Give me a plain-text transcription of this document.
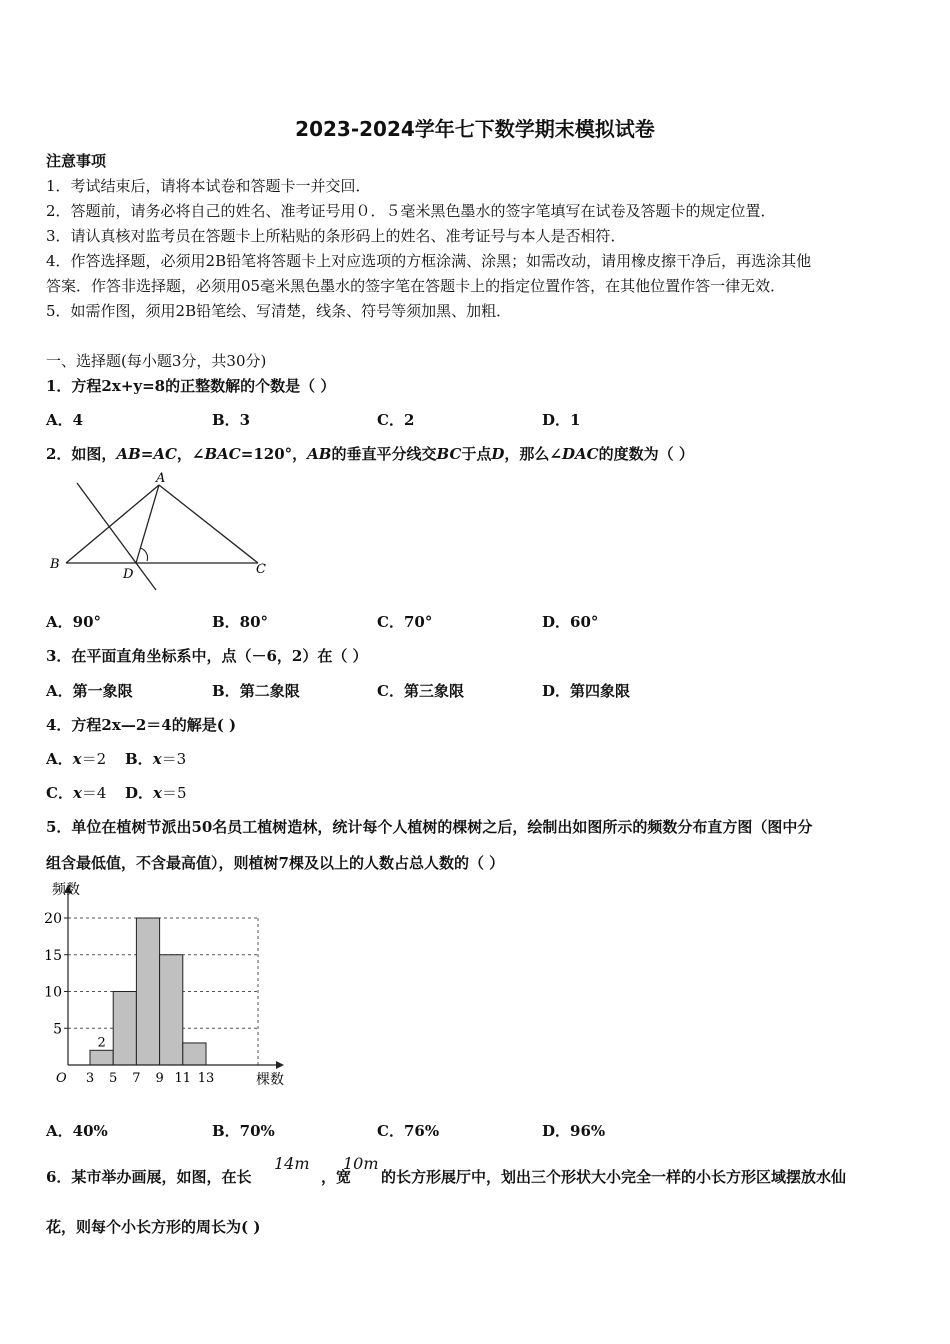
2023-2024学年七下数学期末模拟试卷
注意事项
1．考试结束后，请将本试卷和答题卡一并交回．
2．答题前，请务必将自己的姓名、准考证号用０．５毫米黑色墨水的签字笔填写在试卷及答题卡的规定位置．
3．请认真核对监考员在答题卡上所粘贴的条形码上的姓名、准考证号与本人是否相符．
4．作答选择题，必须用2B铅笔将答题卡上对应选项的方框涂满、涂黑；如需改动，请用橡皮擦干净后，再选涂其他
答案．作答非选择题，必须用05毫米黑色墨水的签字笔在答题卡上的指定位置作答，在其他位置作答一律无效．
5．如需作图，须用2B铅笔绘、写清楚，线条、符号等须加黑、加粗．
一、选择题(每小题3分，共30分)
1．方程2x+y=8的正整数解的个数是（ ）
A．4	B．3	C．2	D．1
2．如图，AB=AC，∠BAC=120°，AB的垂直平分线交BC于点D，那么∠DAC的度数为（ ）
A
B	C
D
A．90°	B．80°	C．70°	D．60°
3．在平面直角坐标系中，点（－6，2）在（ ）
A．第一象限	B．第二象限	C．第三象限	D．第四象限
4．方程2x—2＝4的解是( )
A．x＝2 B．x＝3
C．x＝4 D．x＝5
5．单位在植树节派出50名员工植树造林，统计每个人植树的棵树之后，绘制出如图所示的频数分布直方图（图中分
组含最低值，不含最高值），则植树7棵及以上的人数占总人数的（ ）
5
10
15
20
3 5 7 9 11 13
频数
棵数
O
2
A．40%	B．70%	C．76%	D．96%
6．某市举办画展，如图，在长
14m
，宽
10m
的长方形展厅中，划出三个形状大小完全一样的小长方形区域摆放水仙
花，则每个小长方形的周长为( )
